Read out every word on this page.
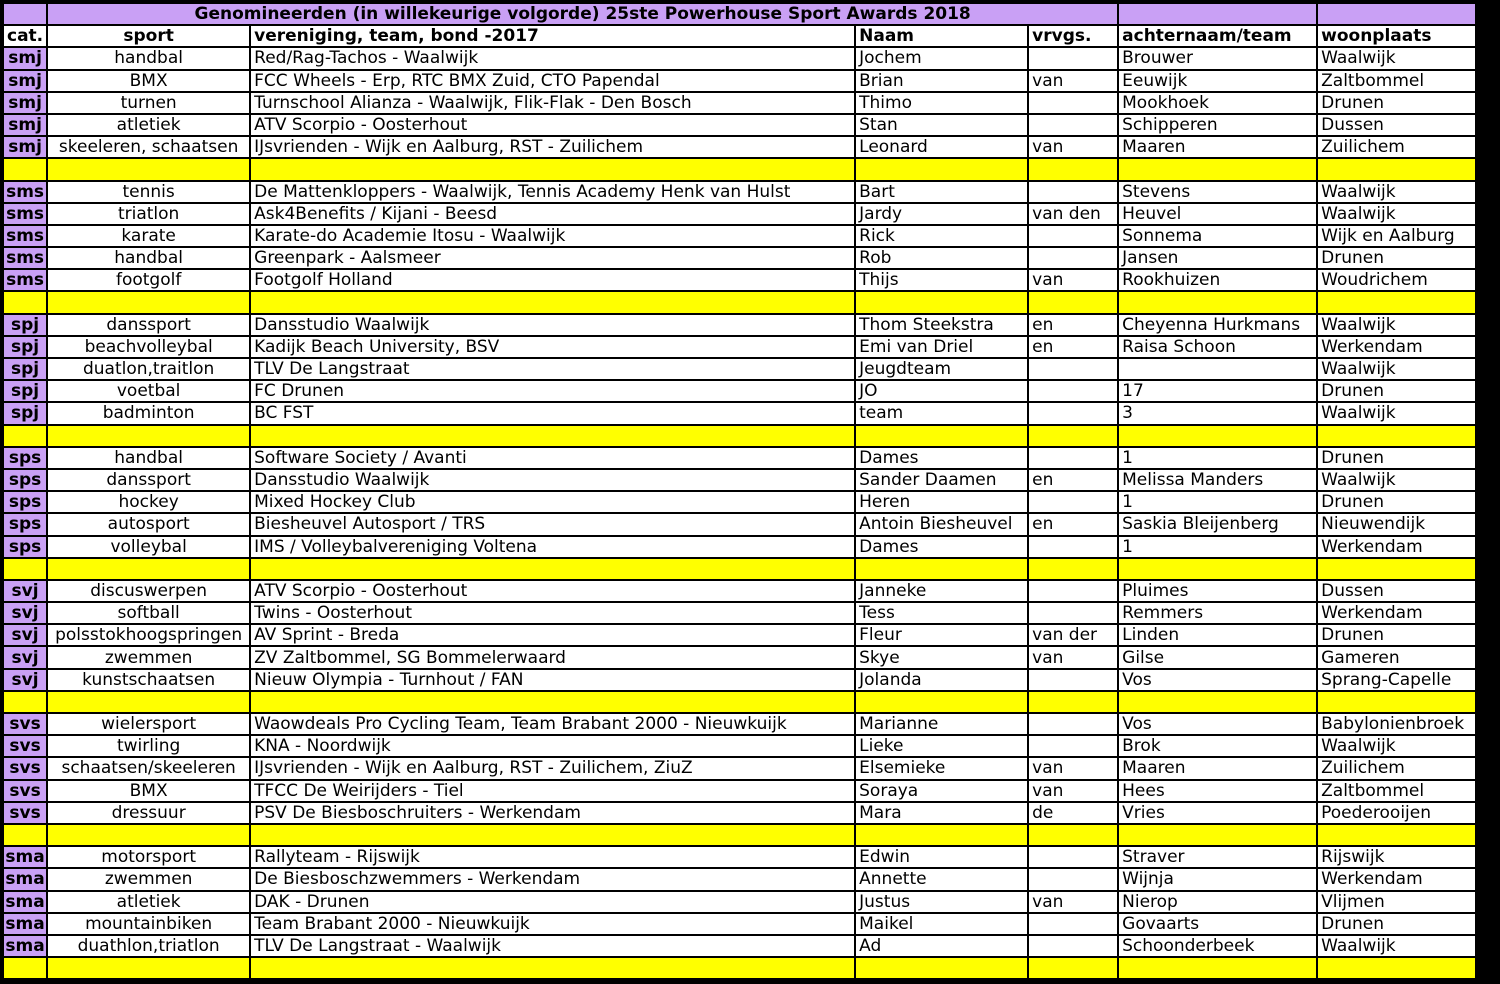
	Genomineerden (in willekeurige volgorde) 25ste Powerhouse Sport Awards 2018					
cat.	sport	vereniging, team, bond -2017	Naam	vrvgs.	achternaam/team	woonplaats
smj	handbal	Red/Rag-Tachos - Waalwijk	Jochem		Brouwer	Waalwijk
smj	BMX	FCC Wheels - Erp, RTC BMX Zuid, CTO Papendal	Brian	van	Eeuwijk	Zaltbommel
smj	turnen	Turnschool Alianza - Waalwijk, Flik-Flak - Den Bosch	Thimo		Mookhoek	Drunen
smj	atletiek	ATV Scorpio - Oosterhout	Stan		Schipperen	Dussen
smj	skeeleren, schaatsen	IJsvrienden - Wijk en Aalburg, RST - Zuilichem	Leonard	van	Maaren	Zuilichem

sms	tennis	De Mattenkloppers - Waalwijk, Tennis Academy Henk van Hulst	Bart		Stevens	Waalwijk
sms	triatlon	Ask4Benefits / Kijani - Beesd	Jardy	van den	Heuvel	Waalwijk
sms	karate	Karate-do Academie Itosu - Waalwijk	Rick		Sonnema	Wijk en Aalburg
sms	handbal	Greenpark - Aalsmeer	Rob		Jansen	Drunen
sms	footgolf	Footgolf Holland	Thijs	van	Rookhuizen	Woudrichem

spj	danssport	Dansstudio Waalwijk	Thom Steekstra	en	Cheyenna Hurkmans	Waalwijk
spj	beachvolleybal	Kadijk Beach University, BSV	Emi van Driel	en	Raisa Schoon	Werkendam
spj	duatlon,traitlon	TLV De Langstraat	Jeugdteam			Waalwijk
spj	voetbal	FC Drunen	JO		17	Drunen
spj	badminton	BC FST	team		3	Waalwijk

sps	handbal	Software Society / Avanti	Dames		1	Drunen
sps	danssport	Dansstudio Waalwijk	Sander Daamen	en	Melissa Manders	Waalwijk
sps	hockey	Mixed Hockey Club	Heren		1	Drunen
sps	autosport	Biesheuvel Autosport / TRS	Antoin Biesheuvel	en	Saskia Bleijenberg	Nieuwendijk
sps	volleybal	IMS / Volleybalvereniging Voltena	Dames		1	Werkendam

svj	discuswerpen	ATV Scorpio - Oosterhout	Janneke		Pluimes	Dussen
svj	softball	Twins - Oosterhout	Tess		Remmers	Werkendam
svj	polsstokhoogspringen	AV Sprint - Breda	Fleur	van der	Linden	Drunen
svj	zwemmen	ZV Zaltbommel, SG Bommelerwaard	Skye	van	Gilse	Gameren
svj	kunstschaatsen	Nieuw Olympia - Turnhout / FAN	Jolanda		Vos	Sprang-Capelle

svs	wielersport	Waowdeals Pro Cycling Team, Team Brabant 2000 - Nieuwkuijk	Marianne		Vos	Babylonienbroek
svs	twirling	KNA - Noordwijk	Lieke		Brok	Waalwijk
svs	schaatsen/skeeleren	IJsvrienden - Wijk en Aalburg, RST - Zuilichem, ZiuZ	Elsemieke	van	Maaren	Zuilichem
svs	BMX	TFCC De Weirijders - Tiel	Soraya	van	Hees	Zaltbommel
svs	dressuur	PSV De Biesboschruiters - Werkendam	Mara	de	Vries	Poederooijen

sma	motorsport	Rallyteam - Rijswijk	Edwin		Straver	Rijswijk
sma	zwemmen	De Biesboschzwemmers - Werkendam	Annette		Wijnja	Werkendam
sma	atletiek	DAK - Drunen	Justus	van	Nierop	Vlijmen
sma	mountainbiken	Team Brabant 2000 - Nieuwkuijk	Maikel		Govaarts	Drunen
sma	duathlon,triatlon	TLV De Langstraat - Waalwijk	Ad		Schoonderbeek	Waalwijk
